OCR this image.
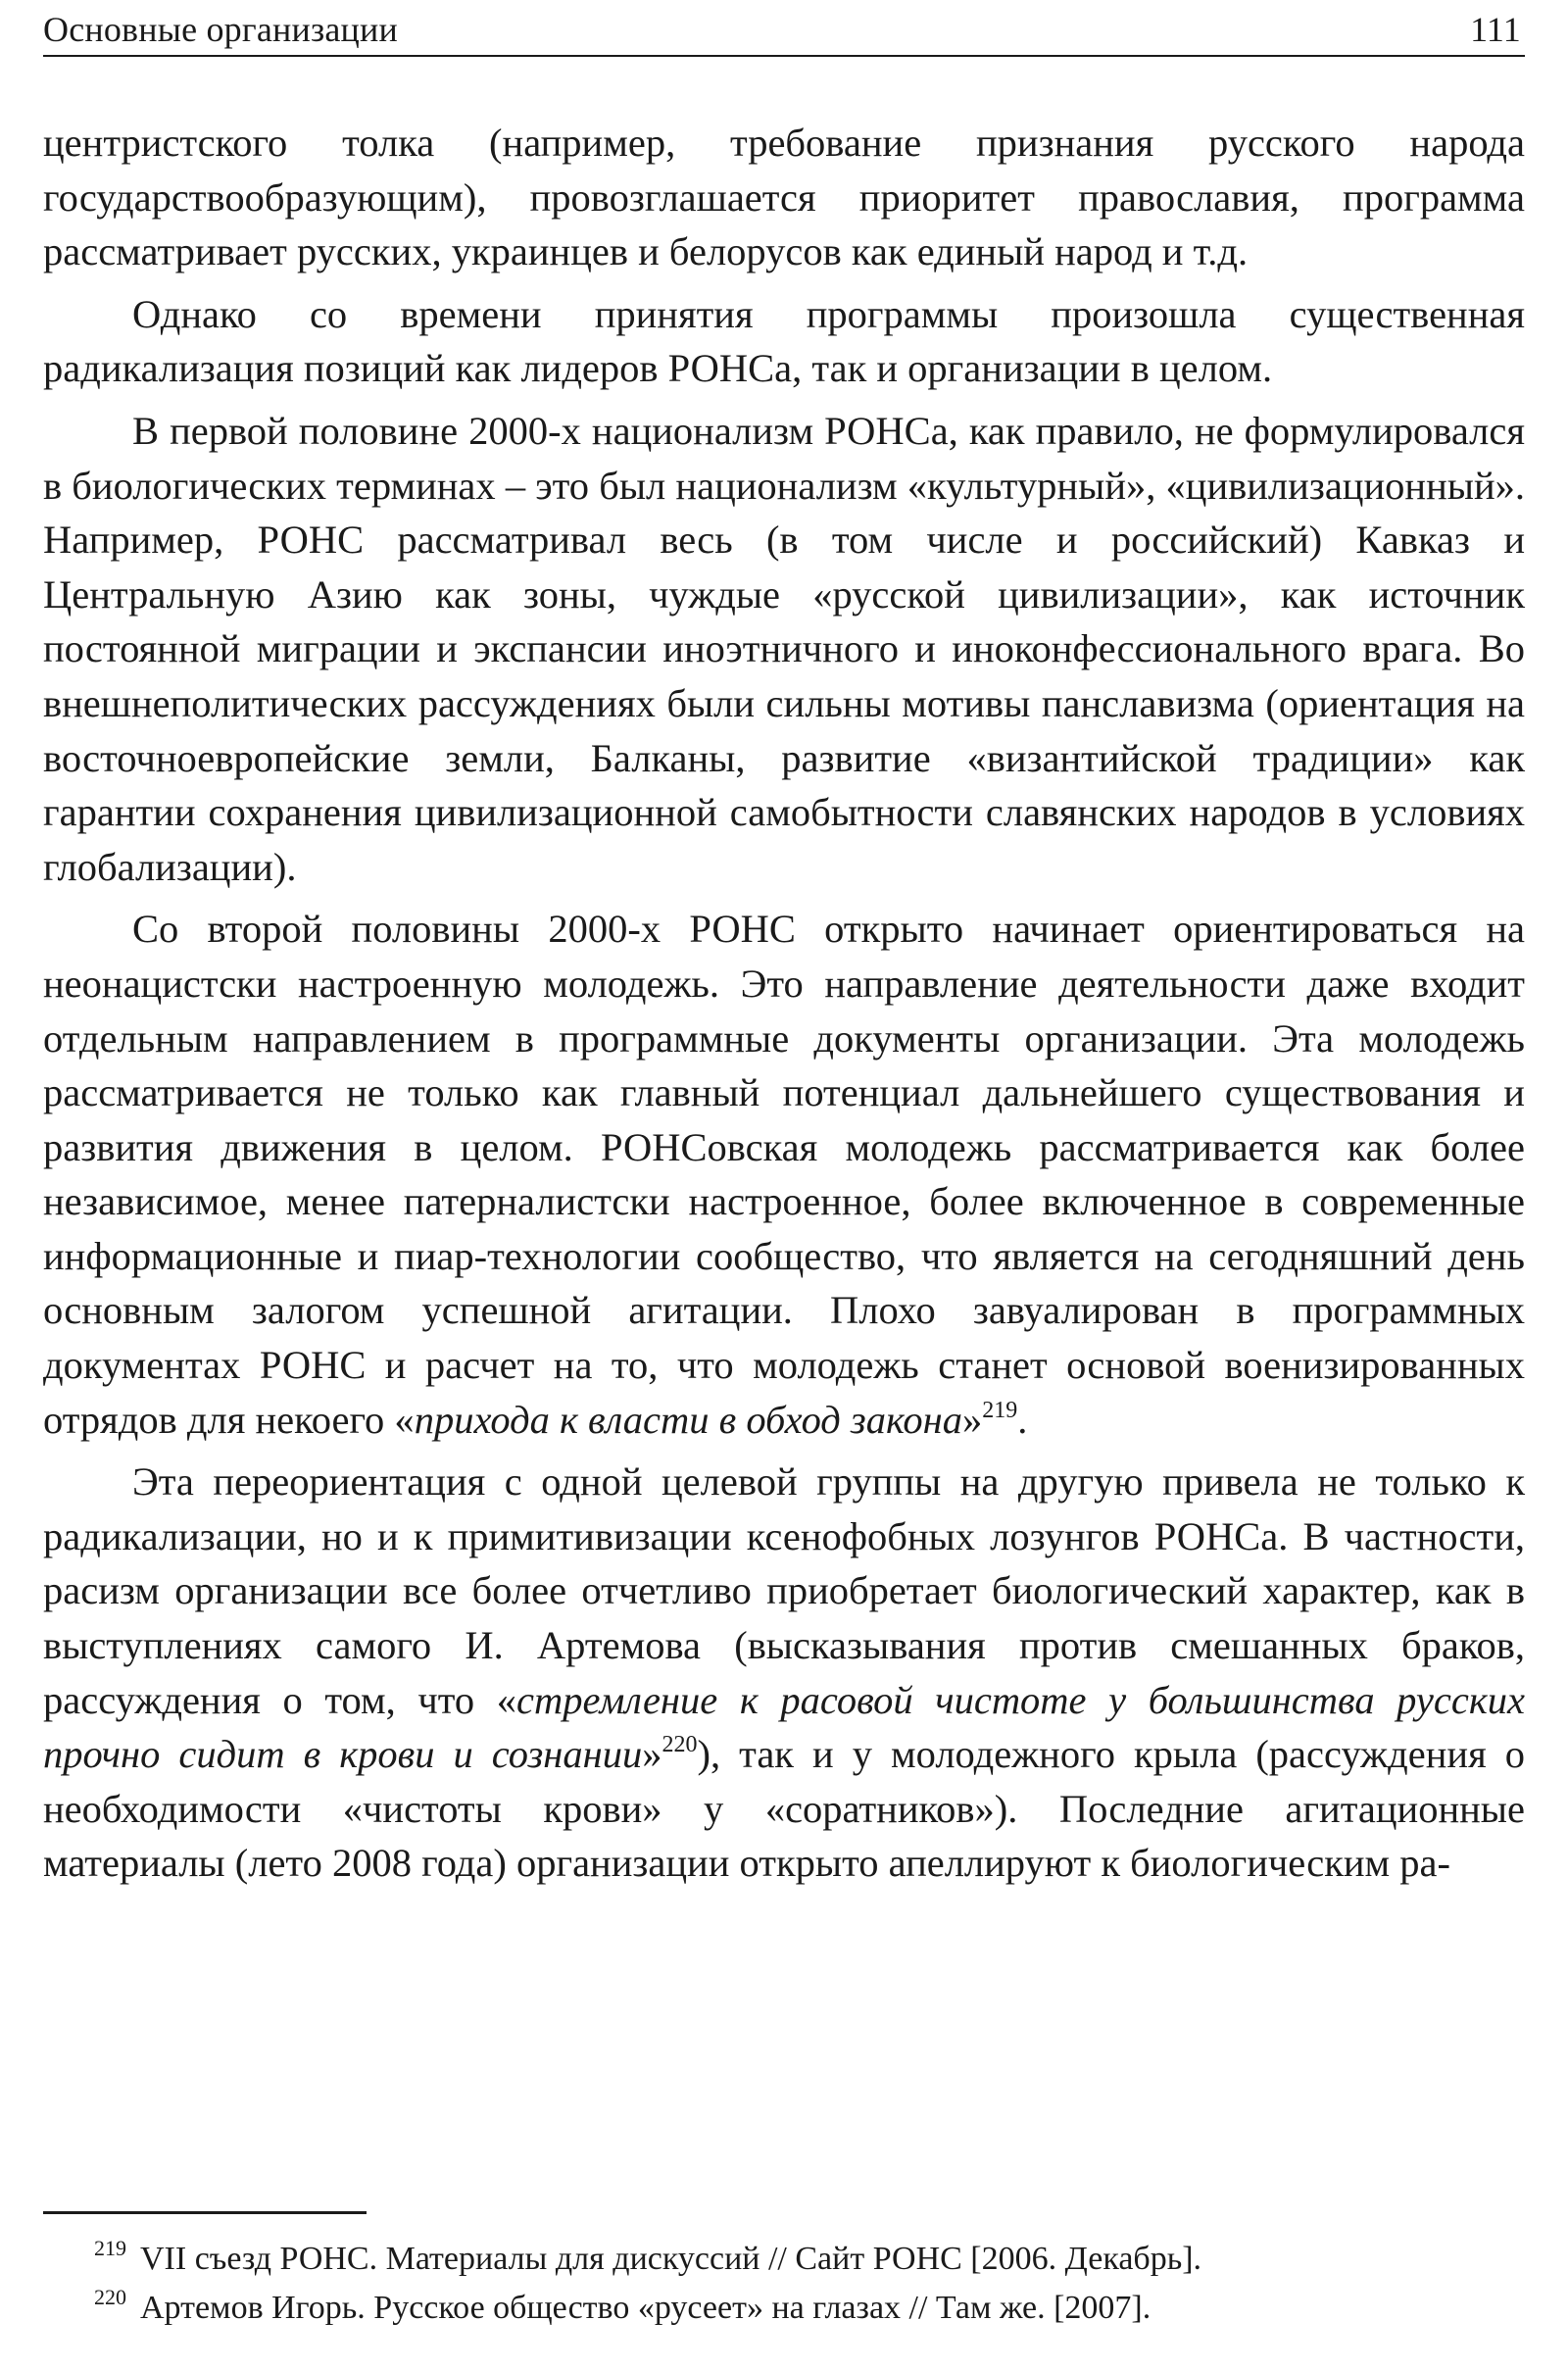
Основные организации	111

центристского толка (например, требование признания русского народа государствообразующим), провозглашается приоритет православия, программа рассматривает русских, украинцев и белорусов как единый народ и т.д.

Однако со времени принятия программы произошла существенная радикализация позиций как лидеров РОНСа, так и организации в целом.

В первой половине 2000-х национализм РОНСа, как правило, не формулировался в биологических терминах – это был национализм «культурный», «цивилизационный». Например, РОНС рассматривал весь (в том числе и российский) Кавказ и Центральную Азию как зоны, чуждые «русской цивилизации», как источник постоянной миграции и экспансии иноэтничного и иноконфессионального врага. Во внешнеполитических рассуждениях были сильны мотивы панславизма (ориентация на восточноевропейские земли, Балканы, развитие «византийской традиции» как гарантии сохранения цивилизационной самобытности славянских народов в условиях глобализации).

Со второй половины 2000-х РОНС открыто начинает ориентироваться на неонацистски настроенную молодежь. Это направление деятельности даже входит отдельным направлением в программные документы организации. Эта молодежь рассматривается не только как главный потенциал дальнейшего существования и развития движения в целом. РОНСовская молодежь рассматривается как более независимое, менее патерналистски настроенное, более включенное в современные информационные и пиар-технологии сообщество, что является на сегодняшний день основным залогом успешной агитации. Плохо завуалирован в программных документах РОНС и расчет на то, что молодежь станет основой военизированных отрядов для некоего «прихода к власти в обход закона»$^{219}$.

Эта переориентация с одной целевой группы на другую привела не только к радикализации, но и к примитивизации ксенофобных лозунгов РОНСа. В частности, расизм организации все более отчетливо приобретает биологический характер, как в выступлениях самого И. Артемова (высказывания против смешанных браков, рассуждения о том, что «стремление к расовой чистоте у большинства русских прочно сидит в крови и сознании»$^{220}$), так и у молодежного крыла (рассуждения о необходимости «чистоты крови» у «соратников»). Последние агитационные материалы (лето 2008 года) организации открыто апеллируют к биологическим ра-

$^{219}$ VII съезд РОНС. Материалы для дискуссий // Сайт РОНС [2006. Декабрь].

$^{220}$ Артемов Игорь. Русское общество «русеет» на глазах // Там же. [2007].
